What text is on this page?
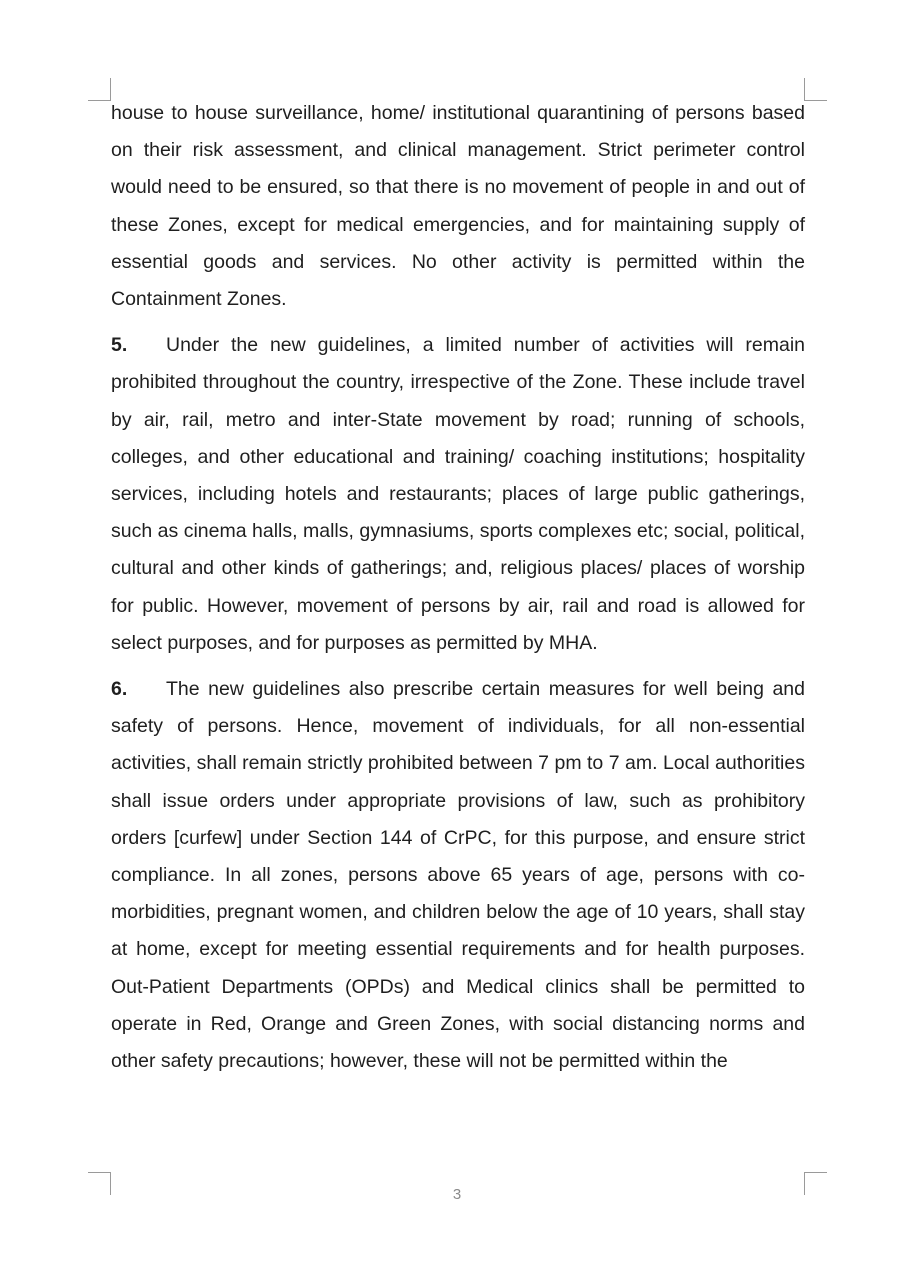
house to house surveillance, home/ institutional quarantining of persons based on their risk assessment, and clinical management. Strict perimeter control would need to be ensured, so that there is no movement of people in and out of these Zones, except for medical emergencies, and for maintaining supply of essential goods and services. No other activity is permitted within the Containment Zones.

5. Under the new guidelines, a limited number of activities will remain prohibited throughout the country, irrespective of the Zone. These include travel by air, rail, metro and inter-State movement by road; running of schools, colleges, and other educational and training/ coaching institutions; hospitality services, including hotels and restaurants; places of large public gatherings, such as cinema halls, malls, gymnasiums, sports complexes etc; social, political, cultural and other kinds of gatherings; and, religious places/ places of worship for public. However, movement of persons by air, rail and road is allowed for select purposes, and for purposes as permitted by MHA.

6. The new guidelines also prescribe certain measures for well being and safety of persons. Hence, movement of individuals, for all non-essential activities, shall remain strictly prohibited between 7 pm to 7 am. Local authorities shall issue orders under appropriate provisions of law, such as prohibitory orders [curfew] under Section 144 of CrPC, for this purpose, and ensure strict compliance. In all zones, persons above 65 years of age, persons with co-morbidities, pregnant women, and children below the age of 10 years, shall stay at home, except for meeting essential requirements and for health purposes. Out-Patient Departments (OPDs) and Medical clinics shall be permitted to operate in Red, Orange and Green Zones, with social distancing norms and other safety precautions; however, these will not be permitted within the

3
